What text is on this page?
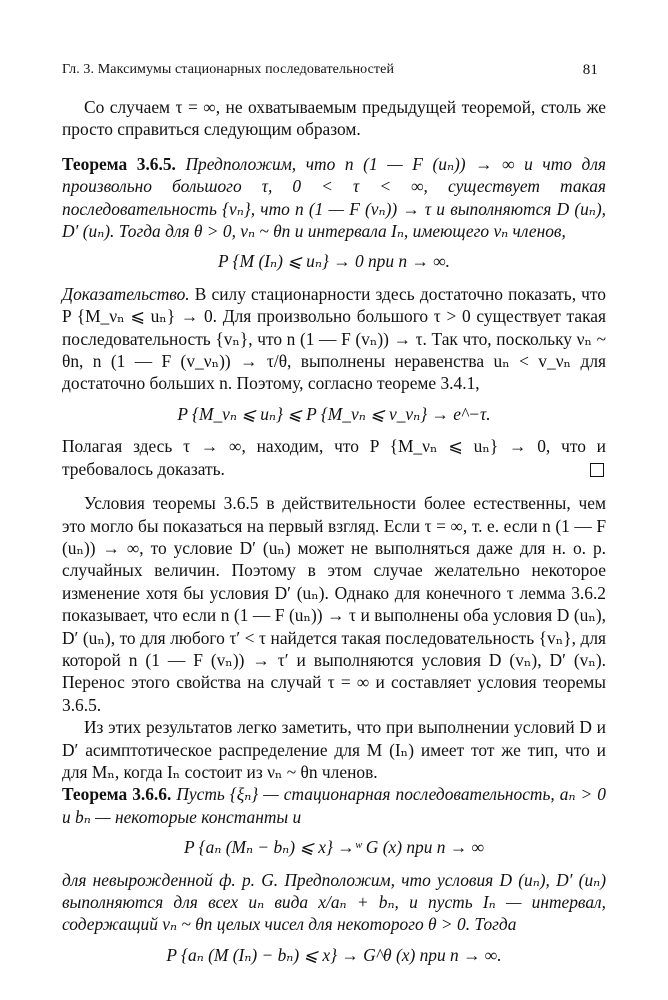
Гл. 3. Максимумы стационарных последовательностей	81

Со случаем τ = ∞, не охватываемым предыдущей теоремой, столь же просто справиться следующим образом.

Теорема 3.6.5. Предположим, что n (1 — F (uₙ)) → ∞ и что для произвольно большого τ, 0 < τ < ∞, существует такая последовательность {vₙ}, что n (1 — F (vₙ)) → τ и выполняются D (uₙ), D′ (uₙ). Тогда для θ > 0, νₙ ~ θn и интервала Iₙ, имеющего νₙ членов,

P {M (Iₙ) ⩽ uₙ} → 0 при n → ∞.

Доказательство. В силу стационарности здесь достаточно показать, что P {M_νₙ ⩽ uₙ} → 0. Для произвольно большого τ > 0 существует такая последовательность {vₙ}, что n (1 — F (vₙ)) → τ. Так что, поскольку νₙ ~ θn, n (1 — F (v_νₙ)) → τ/θ, выполнены неравенства uₙ < v_νₙ для достаточно больших n. Поэтому, согласно теореме 3.4.1,

P {M_νₙ ⩽ uₙ} ⩽ P {M_νₙ ⩽ v_νₙ} → e^−τ.

Полагая здесь τ → ∞, находим, что P {M_νₙ ⩽ uₙ} → 0, что и требовалось доказать.

Условия теоремы 3.6.5 в действительности более естественны, чем это могло бы показаться на первый взгляд. Если τ = ∞, т. е. если n (1 — F (uₙ)) → ∞, то условие D′ (uₙ) может не выполняться даже для н. о. р. случайных величин. Поэтому в этом случае желательно некоторое изменение хотя бы условия D′ (uₙ). Однако для конечного τ лемма 3.6.2 показывает, что если n (1 — F (uₙ)) → τ и выполнены оба условия D (uₙ), D′ (uₙ), то для любого τ′ < τ найдется такая последовательность {vₙ}, для которой n (1 — F (vₙ)) → τ′ и выполняются условия D (vₙ), D′ (vₙ). Перенос этого свойства на случай τ = ∞ и составляет условия теоремы 3.6.5.

Из этих результатов легко заметить, что при выполнении условий D и D′ асимптотическое распределение для M (Iₙ) имеет тот же тип, что и для Mₙ, когда Iₙ состоит из νₙ ~ θn членов.

Теорема 3.6.6. Пусть {ξₙ} — стационарная последовательность, aₙ > 0 и bₙ — некоторые константы и

P {aₙ (Mₙ − bₙ) ⩽ x} →ʷ G (x) при n → ∞

для невырожденной ф. р. G. Предположим, что условия D (uₙ), D′ (uₙ) выполняются для всех uₙ вида x/aₙ + bₙ, и пусть Iₙ — интервал, содержащий νₙ ~ θn целых чисел для некоторого θ > 0. Тогда

P {aₙ (M (Iₙ) − bₙ) ⩽ x} → G^θ (x) при n → ∞.
